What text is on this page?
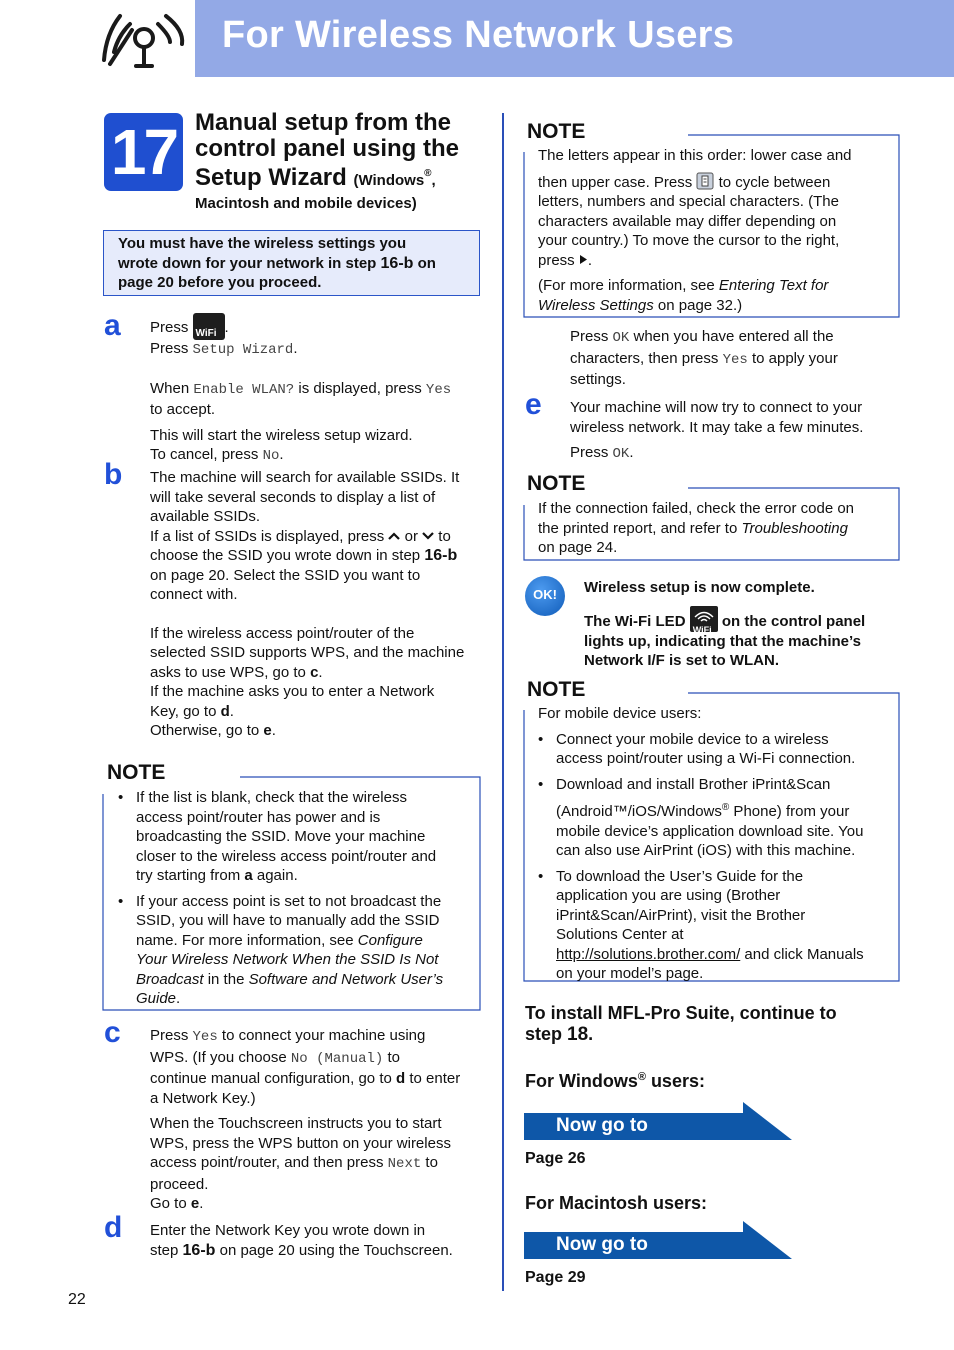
For Wireless Network Users
17 Manual setup from the
control panel using the
Setup Wizard (Windows®,
Macintosh and mobile devices)
You must have the wireless settings you
wrote down for your network in step 16-b on
page 20 before you proceed.
a Press WiFi .
Press Setup Wizard.
When Enable WLAN? is displayed, press Yes
to accept.
This will start the wireless setup wizard.
To cancel, press No.
b The machine will search for available SSIDs. It
will take several seconds to display a list of
available SSIDs.
If a list of SSIDs is displayed, press  or  to
choose the SSID you wrote down in step 16-b
on page 20. Select the SSID you want to
connect with.
If the wireless access point/router of the
selected SSID supports WPS, and the machine
asks to use WPS, go to c.
If the machine asks you to enter a Network
Key, go to d.
Otherwise, go to e.
NOTE
• If the list is blank, check that the wireless
access point/router has power and is
broadcasting the SSID. Move your machine
closer to the wireless access point/router and
try starting from a again.
• If your access point is set to not broadcast the
SSID, you will have to manually add the SSID
name. For more information, see Configure
Your Wireless Network When the SSID Is Not
Broadcast in the Software and Network User’s
Guide.
c Press Yes to connect your machine using
WPS. (If you choose No (Manual) to
continue manual configuration, go to d to enter
a Network Key.)
When the Touchscreen instructs you to start
WPS, press the WPS button on your wireless
access point/router, and then press Next to
proceed.
Go to e.
d Enter the Network Key you wrote down in
step 16-b on page 20 using the Touchscreen.
22
NOTE
The letters appear in this order: lower case and
then upper case. Press  to cycle between
letters, numbers and special characters. (The
characters available may differ depending on
your country.) To move the cursor to the right,
press .
(For more information, see Entering Text for
Wireless Settings on page 32.)
Press OK when you have entered all the
characters, then press Yes to apply your
settings.
e Your machine will now try to connect to your
wireless network. It may take a few minutes.
Press OK.
NOTE
If the connection failed, check the error code on
the printed report, and refer to Troubleshooting
on page 24.
OK!	Wireless setup is now complete.
The Wi-Fi LED WiFi on the control panel
lights up, indicating that the machine’s
Network I/F is set to WLAN.
NOTE
For mobile device users:
• Connect your mobile device to a wireless
access point/router using a Wi-Fi connection.
• Download and install Brother iPrint&Scan
(Android™/iOS/Windows® Phone) from your
mobile device’s application download site. You
can also use AirPrint (iOS) with this machine.
• To download the User’s Guide for the
application you are using (Brother
iPrint&Scan/AirPrint), visit the Brother
Solutions Center at
http://solutions.brother.com/ and click Manuals
on your model’s page.
To install MFL-Pro Suite, continue to
step 18.
For Windows® users:
Now go to
Page 26
For Macintosh users:
Now go to
Page 29
